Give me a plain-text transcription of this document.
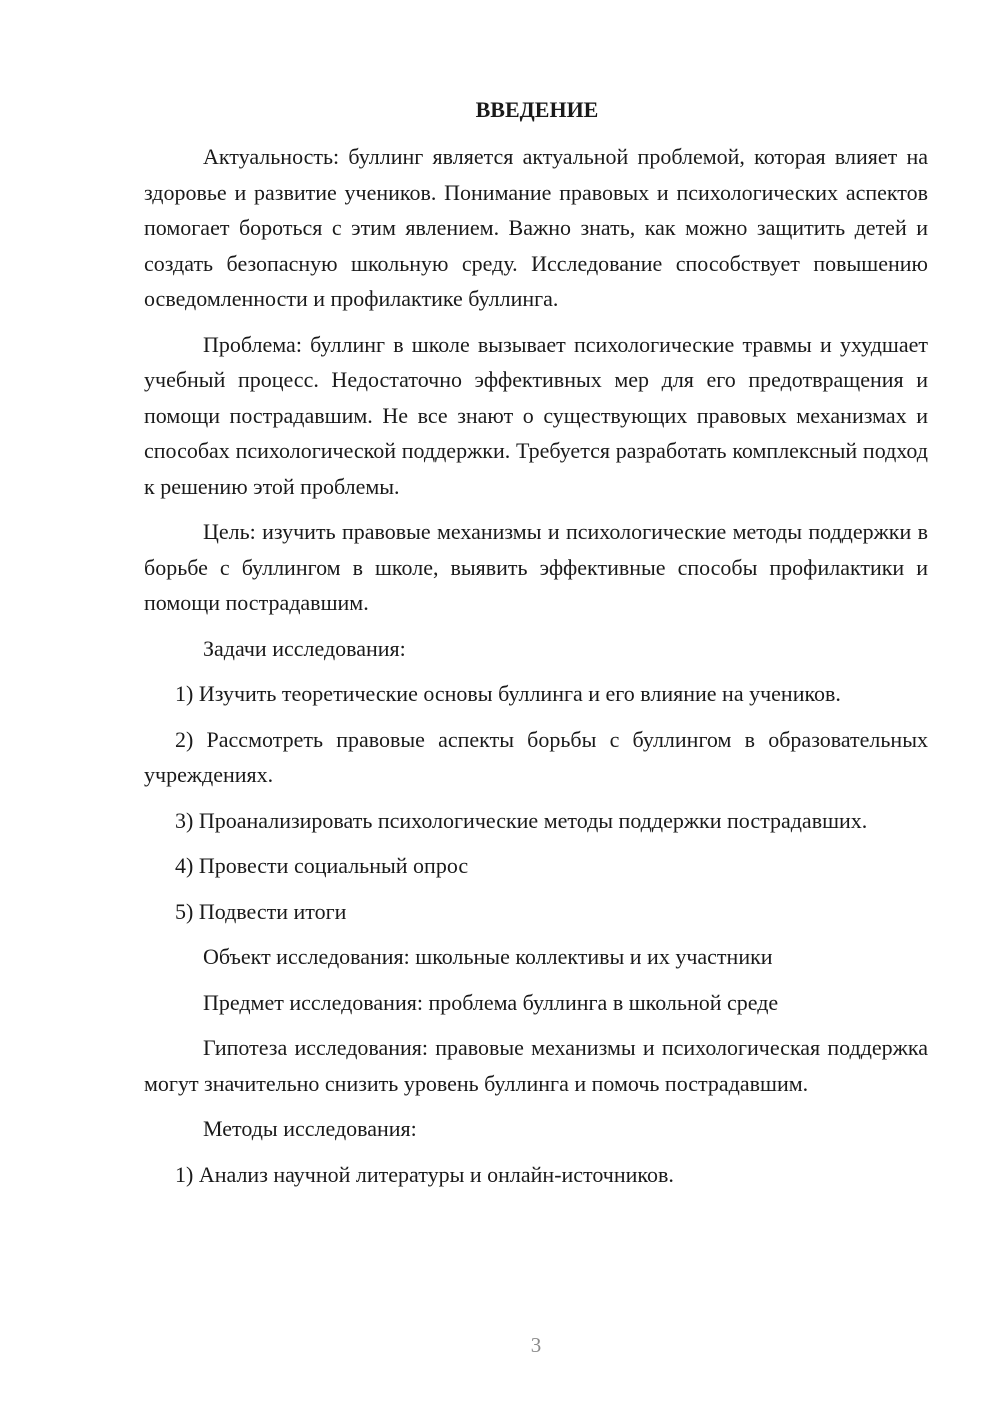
ВВЕДЕНИЕ

Актуальность: буллинг является актуальной проблемой, которая влияет на здоровье и развитие учеников. Понимание правовых и психологических аспектов помогает бороться с этим явлением. Важно знать, как можно защитить детей и создать безопасную школьную среду. Исследование способствует повышению осведомленности и профилактике буллинга.

Проблема: буллинг в школе вызывает психологические травмы и ухудшает учебный процесс. Недостаточно эффективных мер для его предотвращения и помощи пострадавшим. Не все знают о существующих правовых механизмах и способах психологической поддержки. Требуется разработать комплексный подход к решению этой проблемы.

Цель: изучить правовые механизмы и психологические методы поддержки в борьбе с буллингом в школе, выявить эффективные способы профилактики и помощи пострадавшим.

Задачи исследования:

1) Изучить теоретические основы буллинга и его влияние на учеников.

2) Рассмотреть правовые аспекты борьбы с буллингом в образовательных учреждениях.

3) Проанализировать психологические методы поддержки пострадавших.

4) Провести социальный опрос

5) Подвести итоги

Объект исследования: школьные коллективы и их участники
Предмет исследования: проблема буллинга в школьной среде

Гипотеза исследования: правовые механизмы и психологическая поддержка могут значительно снизить уровень буллинга и помочь пострадавшим.

Методы исследования:

1) Анализ научной литературы и онлайн-источников.

3
